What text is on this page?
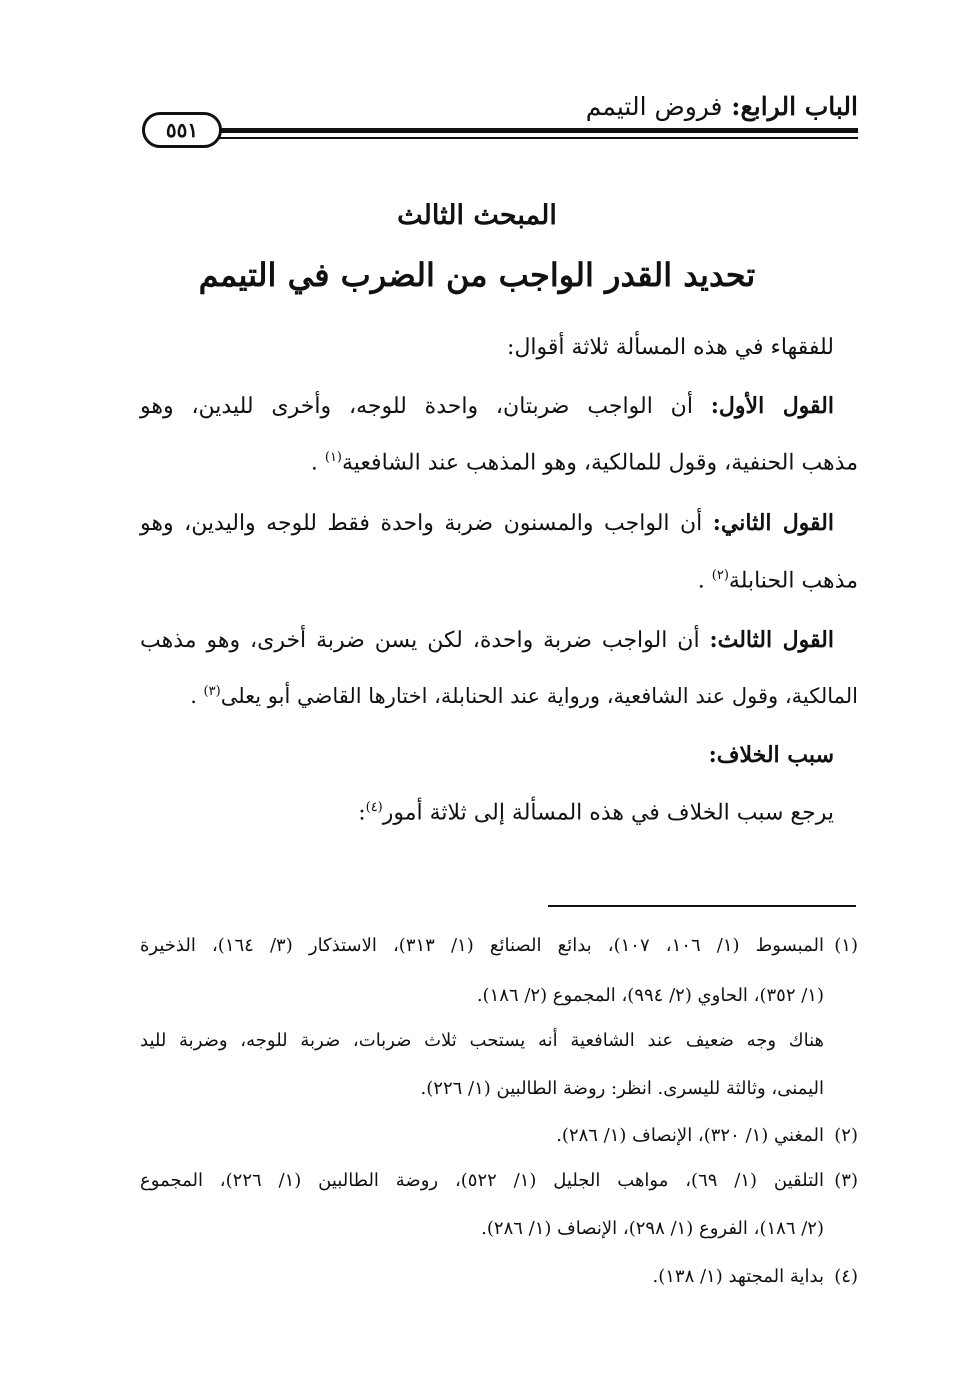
الباب الرابع: فروض التيمم
٥٥١
المبحث الثالث
تحديد القدر الواجب من الضرب في التيمم
للفقهاء في هذه المسألة ثلاثة أقوال:
القول الأول: أن الواجب ضربتان، واحدة للوجه، وأخرى لليدين، وهو
مذهب الحنفية، وقول للمالكية، وهو المذهب عند الشافعية$^{(١)}$ .
القول الثاني: أن الواجب والمسنون ضربة واحدة فقط للوجه واليدين، وهو
مذهب الحنابلة$^{(٢)}$ .
القول الثالث: أن الواجب ضربة واحدة، لكن يسن ضربة أخرى، وهو مذهب
المالكية، وقول عند الشافعية، ورواية عند الحنابلة، اختارها القاضي أبو يعلى$^{(٣)}$ .
سبب الخلاف:
يرجع سبب الخلاف في هذه المسألة إلى ثلاثة أمور$^{(٤)}$:
(١)
المبسوط (١/ ١٠٦، ١٠٧)، بدائع الصنائع (١/ ٣١٣)، الاستذكار (٣/ ١٦٤)، الذخيرة
(١/ ٣٥٢)، الحاوي (٢/ ٩٩٤)، المجموع (٢/ ١٨٦).
هناك وجه ضعيف عند الشافعية أنه يستحب ثلاث ضربات، ضربة للوجه، وضربة لليد
اليمنى، وثالثة لليسرى. انظر: روضة الطالبين (١/ ٢٢٦).
(٢)
المغني (١/ ٣٢٠)، الإنصاف (١/ ٢٨٦).
(٣)
التلقين (١/ ٦٩)، مواهب الجليل (١/ ٥٢٢)، روضة الطالبين (١/ ٢٢٦)، المجموع
(٢/ ١٨٦)، الفروع (١/ ٢٩٨)، الإنصاف (١/ ٢٨٦).
(٤)
بداية المجتهد (١/ ١٣٨).
